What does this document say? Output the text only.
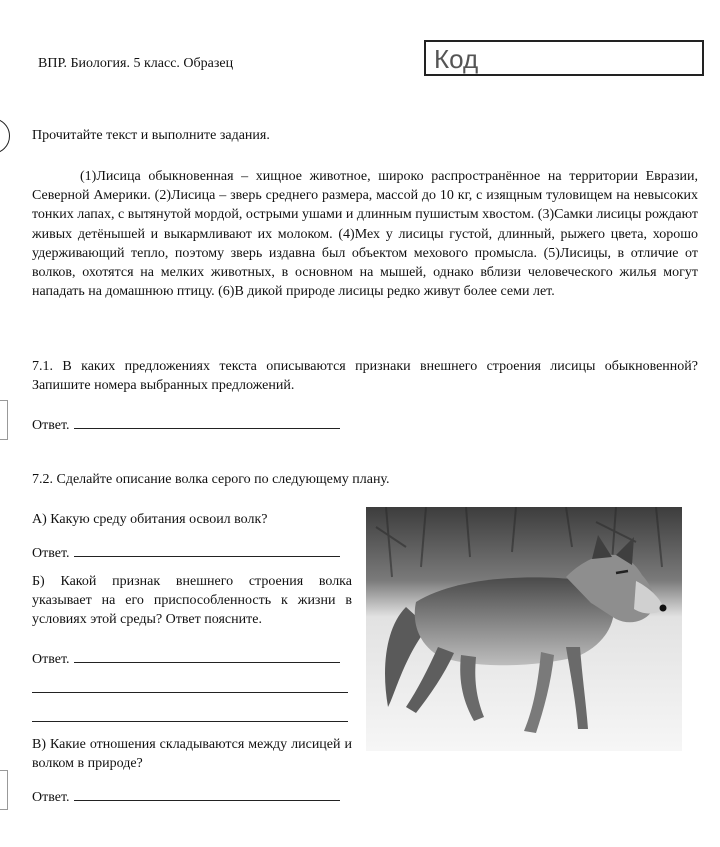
ВПР. Биология. 5 класс. Образец	Код
Прочитайте текст и выполните задания.

(1)Лисица обыкновенная – хищное животное, широко распространённое на территории Евразии, Северной Америки. (2)Лисица – зверь среднего размера, массой до 10 кг, с изящным туловищем на невысоких тонких лапах, с вытянутой мордой, острыми ушами и длинным пушистым хвостом. (3)Самки лисицы рождают живых детёнышей и выкармливают их молоком. (4)Мех у лисицы густой, длинный, рыжего цвета, хорошо удерживающий тепло, поэтому зверь издавна был объектом мехового промысла. (5)Лисицы, в отличие от волков, охотятся на мелких животных, в основном на мышей, однако вблизи человеческого жилья могут нападать на домашнюю птицу. (6)В дикой природе лисицы редко живут более семи лет.

7.1. В каких предложениях текста описываются признаки внешнего строения лисицы обыкновенной? Запишите номера выбранных предложений.

Ответ.
7.2. Сделайте описание волка серого по следующему плану.
А) Какую среду обитания освоил волк?
Ответ.

Б) Какой признак внешнего строения волка указывает на его приспособленность к жизни в условиях этой среды? Ответ поясните.

Ответ.

В) Какие отношения складываются между лисицей и волком в природе?

Ответ.
